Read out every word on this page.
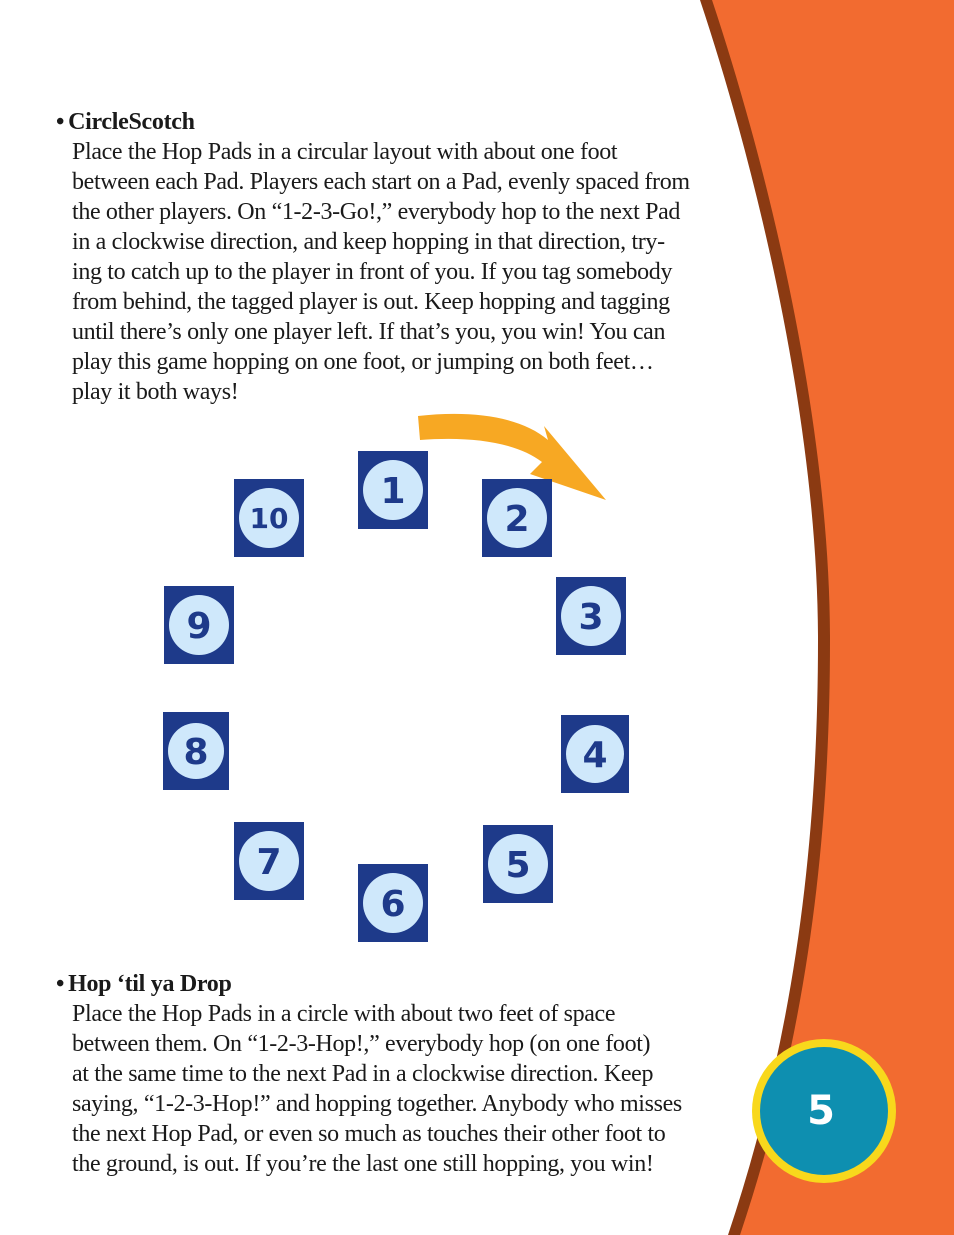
• CircleScotch
Place the Hop Pads in a circular layout with about one foot
between each Pad. Players each start on a Pad, evenly spaced from
the other players. On “1-2-3-Go!,” everybody hop to the next Pad
in a clockwise direction, and keep hopping in that direction, try-
ing to catch up to the player in front of you. If you tag somebody
from behind, the tagged player is out. Keep hopping and tagging
until there’s only one player left. If that’s you, you win! You can
play this game hopping on one foot, or jumping on both feet…
play it both ways!
1
2
3
4
5
6
7
8
9
10
• Hop ‘til ya Drop
Place the Hop Pads in a circle with about two feet of space
between them. On “1-2-3-Hop!,” everybody hop (on one foot)
at the same time to the next Pad in a clockwise direction. Keep
saying, “1-2-3-Hop!” and hopping together. Anybody who misses
the next Hop Pad, or even so much as touches their other foot to
the ground, is out. If you’re the last one still hopping, you win!
5
